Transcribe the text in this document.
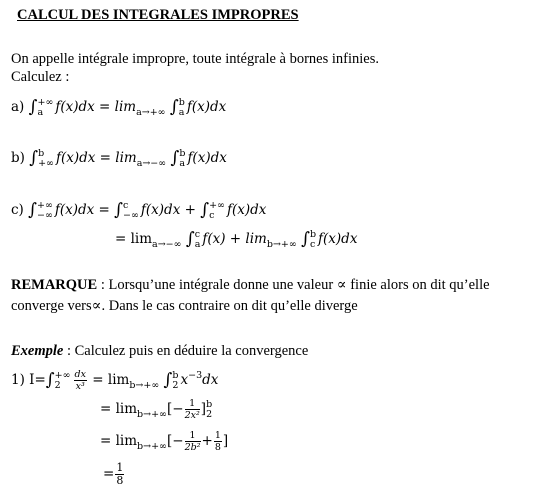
CALCUL DES INTEGRALES IMPROPRES
On appelle intégrale impropre, toute intégrale à bornes infinies.
Calculez :
a) ∫ +∞
a $f(x)dx = \lim_{a\to+\infty}$ ∫ b
a f(x)dx
b) ∫ b
+∞ $f(x)dx = \lim_{a\to-\infty}$ ∫ b
a f(x)dx
c) ∫ +∞
−∞ f(x)dx = ∫ c
−∞ f(x)dx + ∫ +∞
c f(x)dx
= $\lim_{a\to-\infty}$ ∫ c
a $f(x) + \lim_{b\to+\infty}$ ∫ b
c f(x)dx
REMARQUE : Lorsqu’une intégrale donne une valeur ∝ finie alors on dit qu’elle
converge vers∝. Dans le cas contraire on dit qu’elle diverge
Exemple : Calculez puis en déduire la convergence
1) I=∫ +∞
2	$\frac{dx}{\text{x³}} = \lim_{b\to+\infty}$ ∫ b
2 $x^{-3}dx$
= $\lim_{b\to+\infty}[- \frac{1}{\text{2x²}}$ ] b
2
= $\lim_{b\to+\infty}[- \frac{1}{\text{2b²}} + \frac{1}{8}$ ]
= $\frac{1}{8}$
